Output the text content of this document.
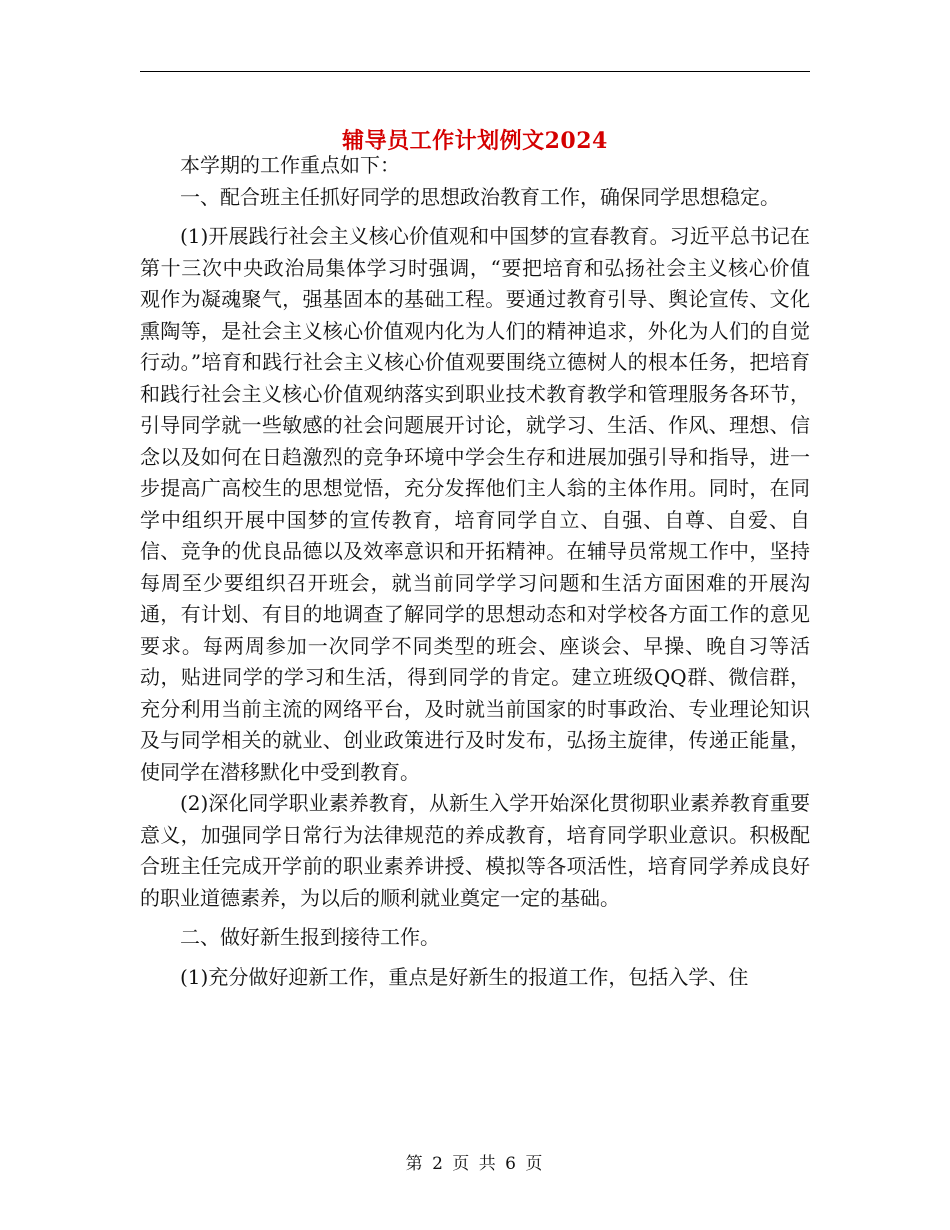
辅导员工作计划例文2024

本学期的工作重点如下：

一、配合班主任抓好同学的思想政治教育工作，确保同学思想稳定。

(1)开展践行社会主义核心价值观和中国梦的宣春教育。习近平总书记在第十三次中央政治局集体学习时强调，“要把培育和弘扬社会主义核心价值观作为凝魂聚气，强基固本的基础工程。要通过教育引导、舆论宣传、文化熏陶等，是社会主义核心价值观内化为人们的精神追求，外化为人们的自觉行动。”培育和践行社会主义核心价值观要围绕立德树人的根本任务，把培育和践行社会主义核心价值观纳落实到职业技术教育教学和管理服务各环节，引导同学就一些敏感的社会问题展开讨论，就学习、生活、作风、理想、信念以及如何在日趋激烈的竞争环境中学会生存和进展加强引导和指导，进一步提高广高校生的思想觉悟，充分发挥他们主人翁的主体作用。同时，在同学中组织开展中国梦的宣传教育，培育同学自立、自强、自尊、自爱、自信、竞争的优良品德以及效率意识和开拓精神。在辅导员常规工作中，坚持每周至少要组织召开班会，就当前同学学习问题和生活方面困难的开展沟通，有计划、有目的地调查了解同学的思想动态和对学校各方面工作的意见要求。每两周参加一次同学不同类型的班会、座谈会、早操、晚自习等活动，贴进同学的学习和生活，得到同学的肯定。建立班级QQ群、微信群，充分利用当前主流的网络平台，及时就当前国家的时事政治、专业理论知识及与同学相关的就业、创业政策进行及时发布，弘扬主旋律，传递正能量，使同学在潜移默化中受到教育。

(2)深化同学职业素养教育，从新生入学开始深化贯彻职业素养教育重要意义，加强同学日常行为法律规范的养成教育，培育同学职业意识。积极配合班主任完成开学前的职业素养讲授、模拟等各项活性，培育同学养成良好的职业道德素养，为以后的顺利就业奠定一定的基础。

二、做好新生报到接待工作。

(1)充分做好迎新工作，重点是好新生的报道工作，包括入学、住

第 2 页 共 6 页
